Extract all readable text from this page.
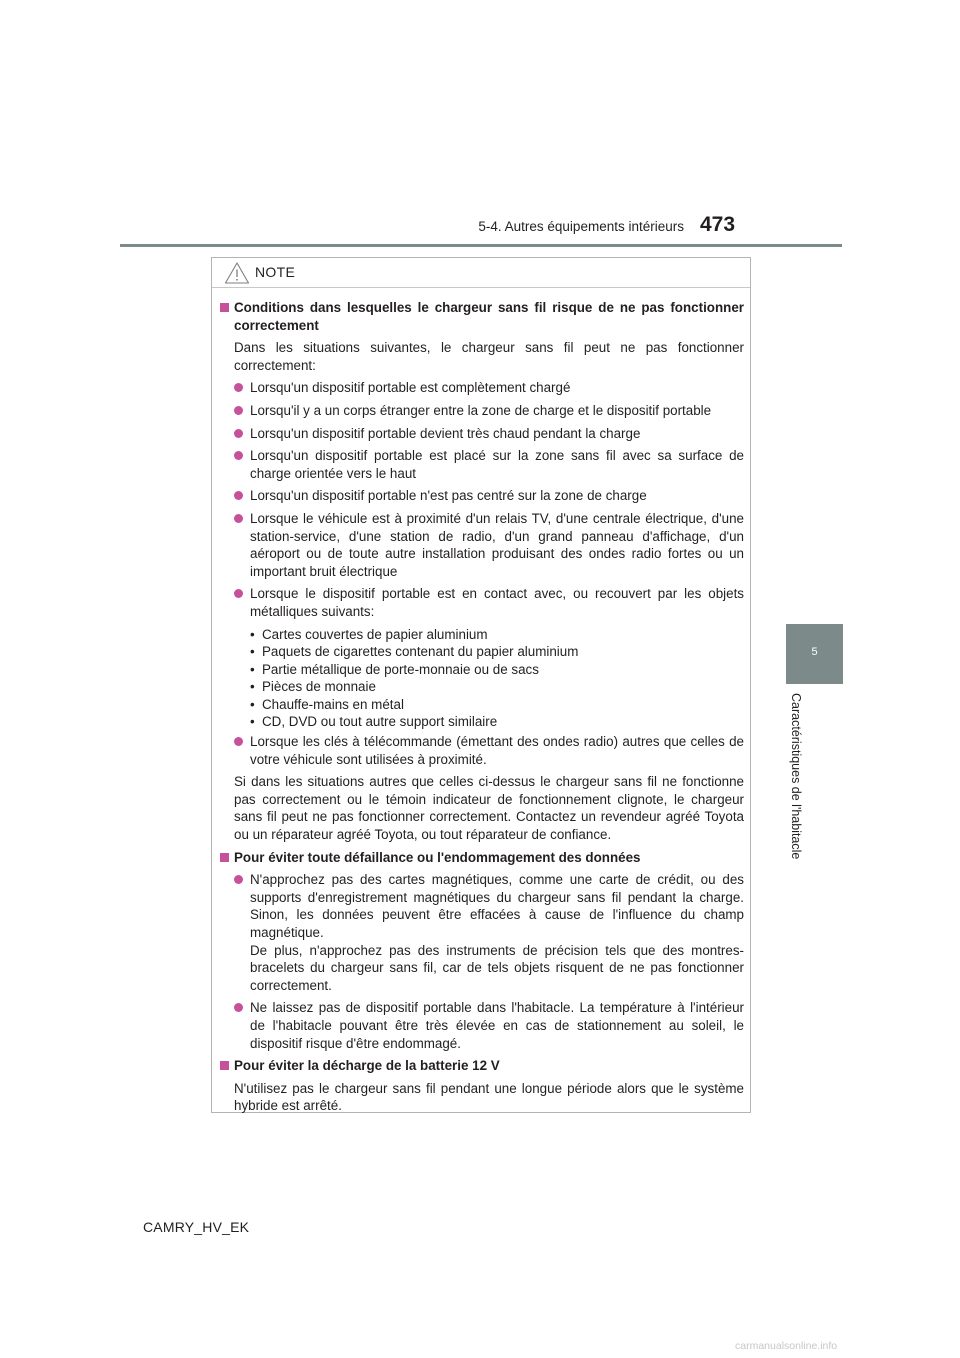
5-4. Autres équipements intérieurs 473
5
Caractéristiques de l'habitacle
NOTE
Conditions dans lesquelles le chargeur sans fil risque de ne pas fonctionner correctement
Dans les situations suivantes, le chargeur sans fil peut ne pas fonctionner correctement:
Lorsqu'un dispositif portable est complètement chargé
Lorsqu'il y a un corps étranger entre la zone de charge et le dispositif portable
Lorsqu'un dispositif portable devient très chaud pendant la charge
Lorsqu'un dispositif portable est placé sur la zone sans fil avec sa surface de charge orientée vers le haut
Lorsqu'un dispositif portable n'est pas centré sur la zone de charge
Lorsque le véhicule est à proximité d'un relais TV, d'une centrale électrique, d'une station-service, d'une station de radio, d'un grand panneau d'affichage, d'un aéroport ou de toute autre installation produisant des ondes radio fortes ou un important bruit électrique
Lorsque le dispositif portable est en contact avec, ou recouvert par les objets métalliques suivants:
• Cartes couvertes de papier aluminium
• Paquets de cigarettes contenant du papier aluminium
• Partie métallique de porte-monnaie ou de sacs
• Pièces de monnaie
• Chauffe-mains en métal
• CD, DVD ou tout autre support similaire
Lorsque les clés à télécommande (émettant des ondes radio) autres que celles de votre véhicule sont utilisées à proximité.
Si dans les situations autres que celles ci-dessus le chargeur sans fil ne fonctionne pas correctement ou le témoin indicateur de fonctionnement clignote, le chargeur sans fil peut ne pas fonctionner correctement. Contactez un revendeur agréé Toyota ou un réparateur agréé Toyota, ou tout réparateur de confiance.
Pour éviter toute défaillance ou l'endommagement des données
N'approchez pas des cartes magnétiques, comme une carte de crédit, ou des supports d'enregistrement magnétiques du chargeur sans fil pendant la charge. Sinon, les données peuvent être effacées à cause de l'influence du champ magnétique.
De plus, n'approchez pas des instruments de précision tels que des montres-bracelets du chargeur sans fil, car de tels objets risquent de ne pas fonctionner correctement.
Ne laissez pas de dispositif portable dans l'habitacle. La température à l'intérieur de l'habitacle pouvant être très élevée en cas de stationnement au soleil, le dispositif risque d'être endommagé.
Pour éviter la décharge de la batterie 12 V
N'utilisez pas le chargeur sans fil pendant une longue période alors que le système hybride est arrêté.
CAMRY_HV_EK
carmanualsonline.info
